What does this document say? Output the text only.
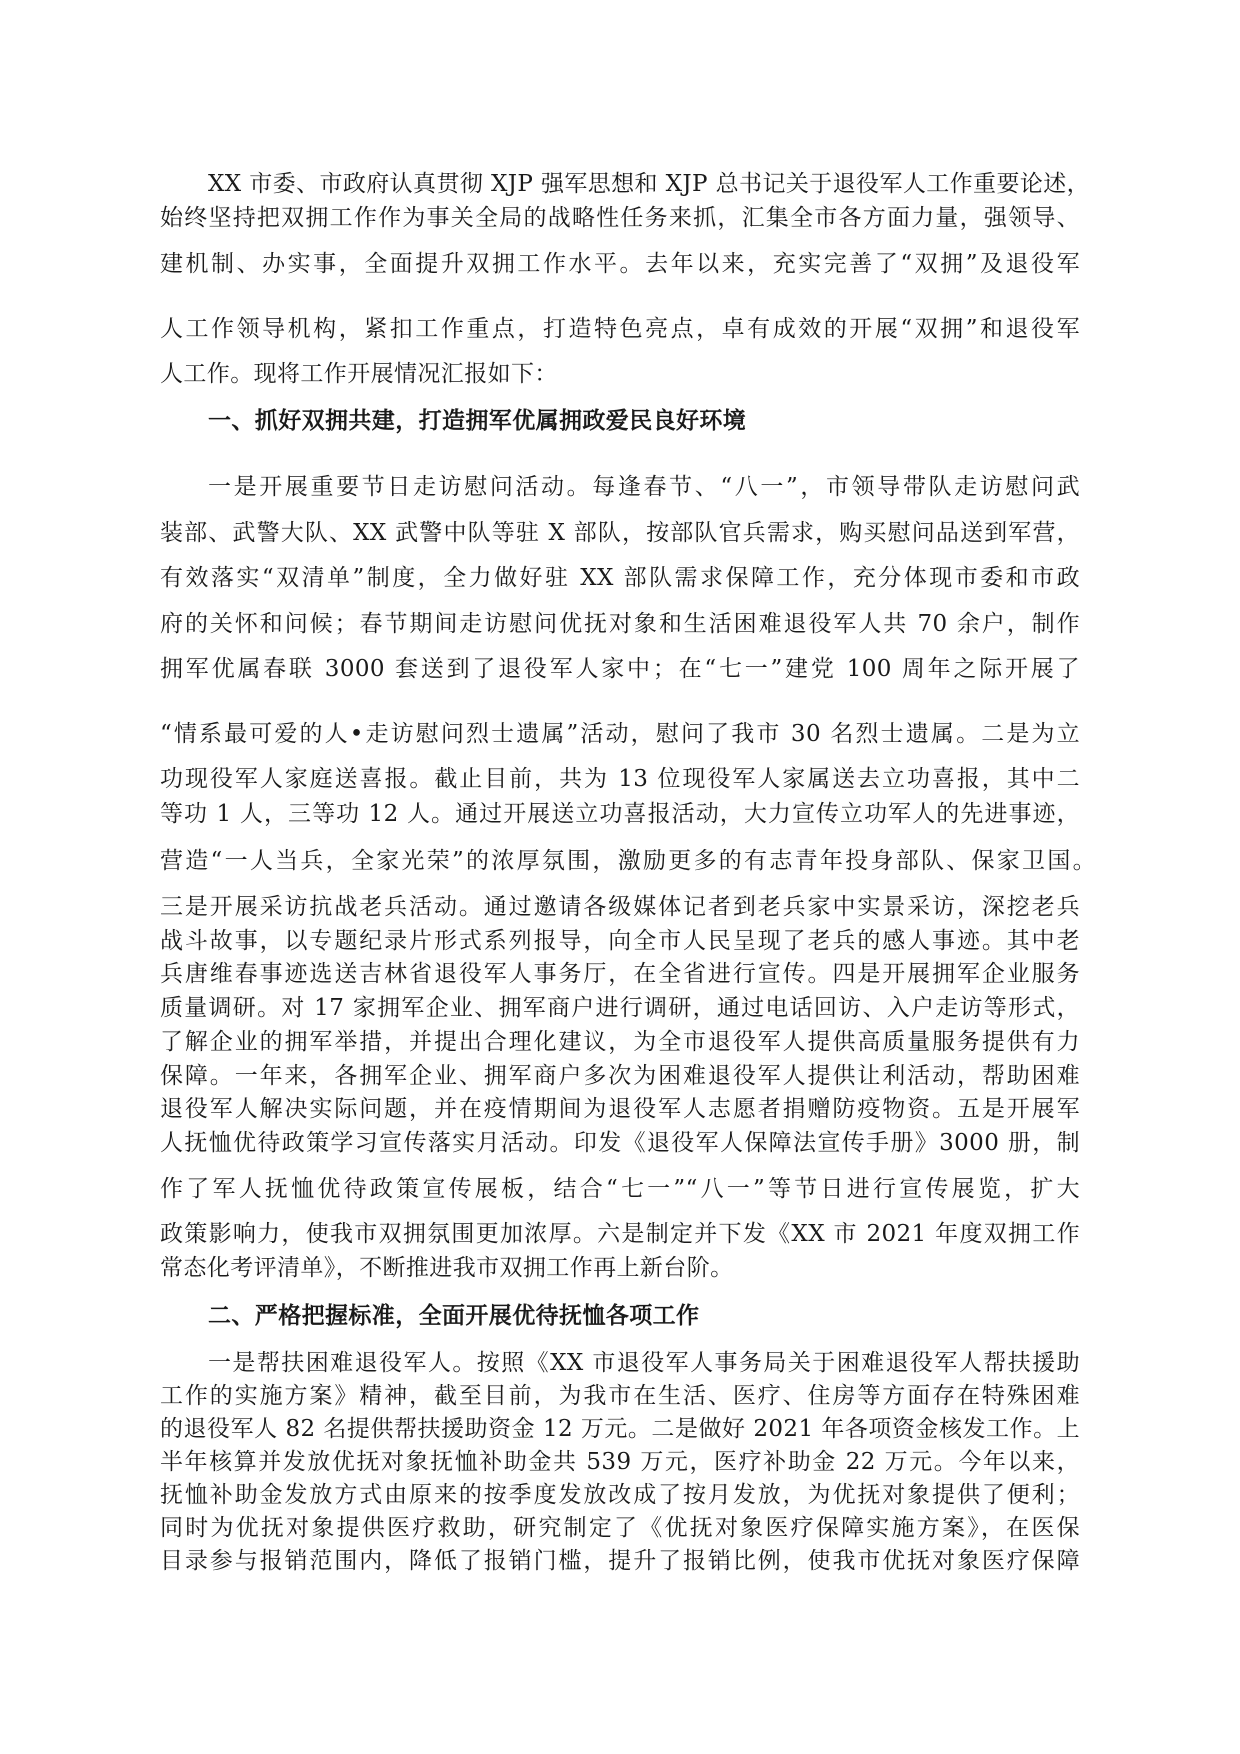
XX 市委、市政府认真贯彻 XJP 强军思想和 XJP 总书记关于退役军人工作重要论述，
始终坚持把双拥工作作为事关全局的战略性任务来抓，汇集全市各方面力量，强领导、
建机制、办实事，全面提升双拥工作水平。去年以来，充实完善了“双拥”及退役军
人工作领导机构，紧扣工作重点，打造特色亮点，卓有成效的开展“双拥”和退役军
人工作。现将工作开展情况汇报如下：
一、抓好双拥共建，打造拥军优属拥政爱民良好环境
一是开展重要节日走访慰问活动。每逢春节、“八一”，市领导带队走访慰问武
装部、武警大队、XX 武警中队等驻 X 部队，按部队官兵需求，购买慰问品送到军营，
有效落实“双清单”制度，全力做好驻 XX 部队需求保障工作，充分体现市委和市政
府的关怀和问候；春节期间走访慰问优抚对象和生活困难退役军人共 70 余户，制作
拥军优属春联 3000 套送到了退役军人家中；在“七一”建党 100 周年之际开展了
“情系最可爱的人•走访慰问烈士遗属”活动，慰问了我市 30 名烈士遗属。二是为立
功现役军人家庭送喜报。截止目前，共为 13 位现役军人家属送去立功喜报，其中二
等功 1 人，三等功 12 人。通过开展送立功喜报活动，大力宣传立功军人的先进事迹，
营造“一人当兵，全家光荣”的浓厚氛围，激励更多的有志青年投身部队、保家卫国。
三是开展采访抗战老兵活动。通过邀请各级媒体记者到老兵家中实景采访，深挖老兵
战斗故事，以专题纪录片形式系列报导，向全市人民呈现了老兵的感人事迹。其中老
兵唐维春事迹选送吉林省退役军人事务厅，在全省进行宣传。四是开展拥军企业服务
质量调研。对 17 家拥军企业、拥军商户进行调研，通过电话回访、入户走访等形式，
了解企业的拥军举措，并提出合理化建议，为全市退役军人提供高质量服务提供有力
保障。一年来，各拥军企业、拥军商户多次为困难退役军人提供让利活动，帮助困难
退役军人解决实际问题，并在疫情期间为退役军人志愿者捐赠防疫物资。五是开展军
人抚恤优待政策学习宣传落实月活动。印发《退役军人保障法宣传手册》3000 册，制
作了军人抚恤优待政策宣传展板，结合“七一”“八一”等节日进行宣传展览，扩大
政策影响力，使我市双拥氛围更加浓厚。六是制定并下发《XX 市 2021 年度双拥工作
常态化考评清单》，不断推进我市双拥工作再上新台阶。
二、严格把握标准，全面开展优待抚恤各项工作
一是帮扶困难退役军人。按照《XX 市退役军人事务局关于困难退役军人帮扶援助
工作的实施方案》精神，截至目前，为我市在生活、医疗、住房等方面存在特殊困难
的退役军人 82 名提供帮扶援助资金 12 万元。二是做好 2021 年各项资金核发工作。上
半年核算并发放优抚对象抚恤补助金共 539 万元，医疗补助金 22 万元。今年以来，
抚恤补助金发放方式由原来的按季度发放改成了按月发放，为优抚对象提供了便利；
同时为优抚对象提供医疗救助，研究制定了《优抚对象医疗保障实施方案》，在医保
目录参与报销范围内，降低了报销门槛，提升了报销比例，使我市优抚对象医疗保障
